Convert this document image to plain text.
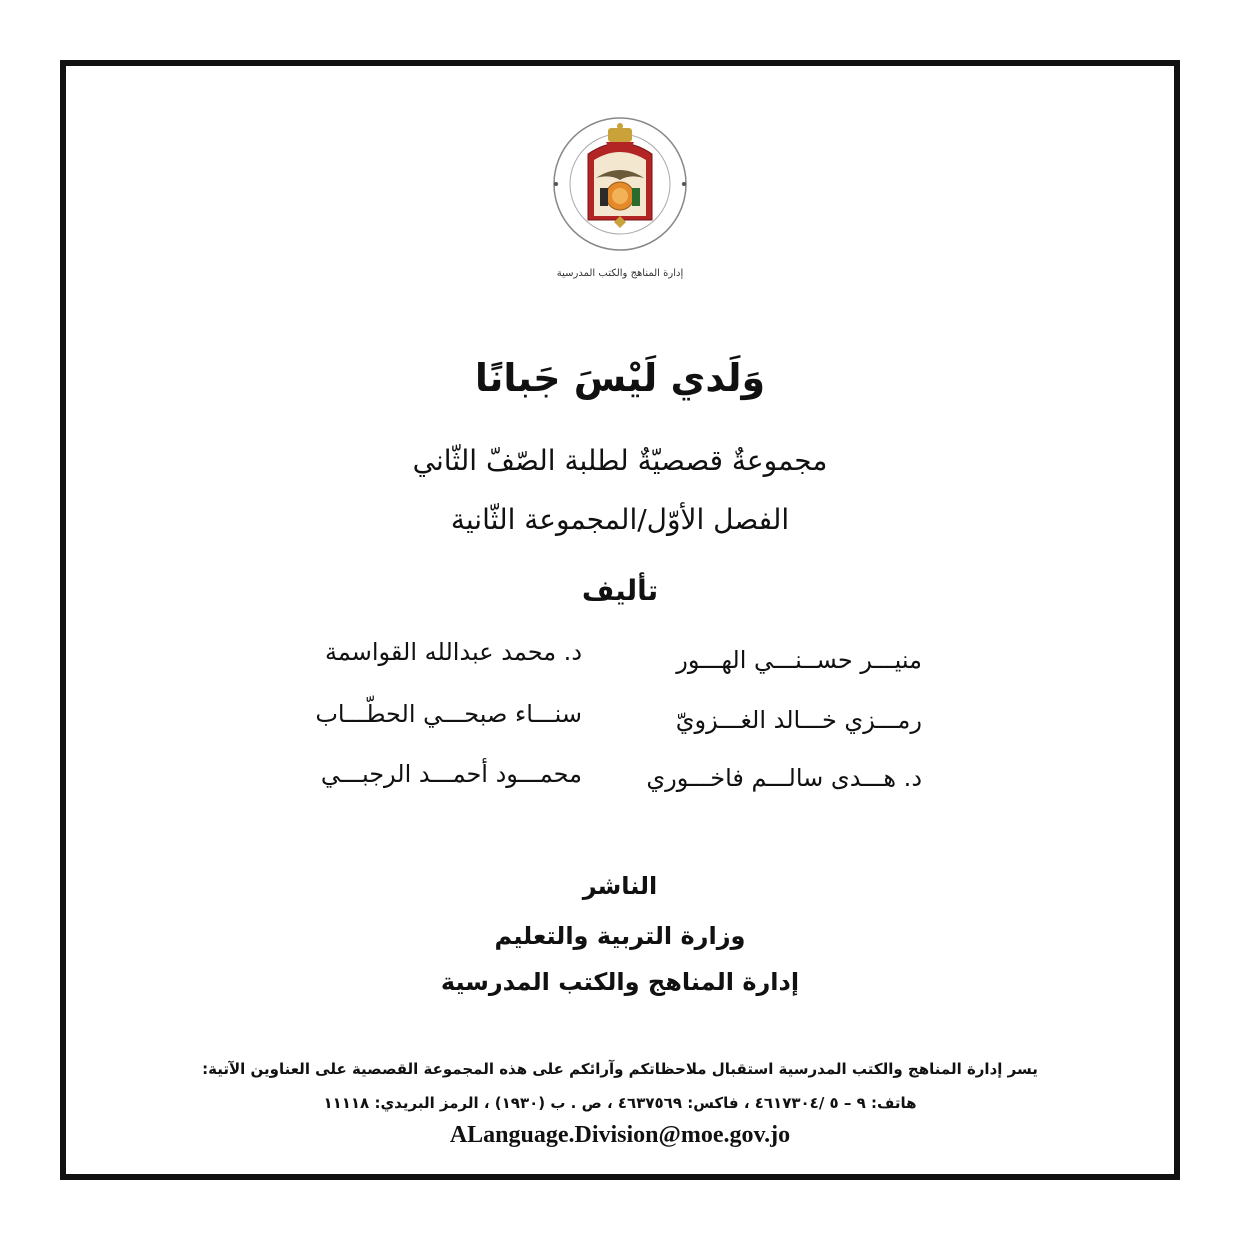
إدارة المناهج والكتب المدرسية
وَلَدي لَيْسَ جَبانًا
مجموعةٌ قصصيّةٌ لطلبة الصّفّ الثّاني
الفصل الأوّل/المجموعة الثّانية
تأليف
منيـــر حســنـــي الهـــور
رمـــزي خـــالد الغـــزويّ
د. هـــدى سالـــم فاخـــوري
د. محمد عبدالله القواسمة
سنـــاء صبحـــي الحطّـــاب
محمـــود أحمـــد الرجبـــي
الناشر
وزارة التربية والتعليم
إدارة المناهج والكتب المدرسية
يسر إدارة المناهج والكتب المدرسية استقبال ملاحظاتكم وآرائكم على هذه المجموعة القصصية على العناوين الآتية:
هاتف: ٩ – ٥ /٤٦١٧٣٠٤ ، فاكس: ٤٦٣٧٥٦٩ ، ص . ب (١٩٣٠) ، الرمز البريدي: ١١١١٨
ALanguage.Division@moe.gov.jo
